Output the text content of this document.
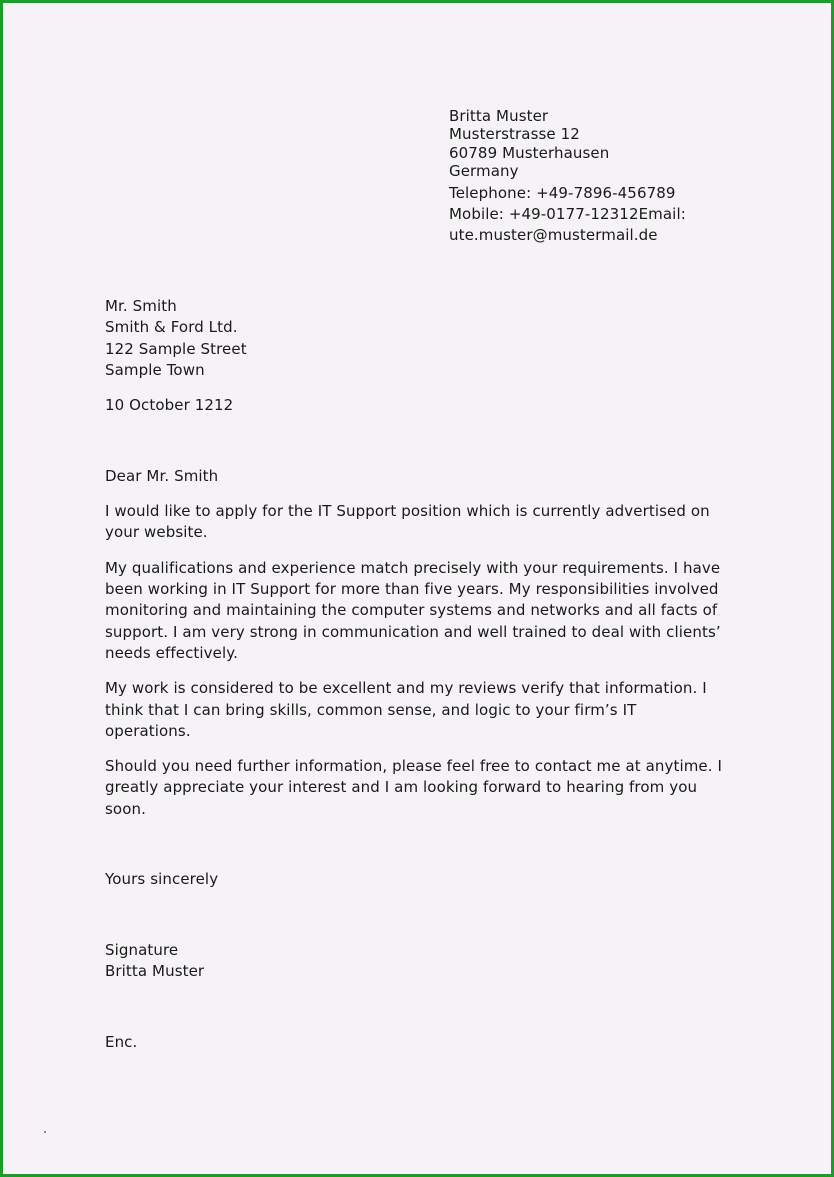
Britta Muster
Musterstrasse 12
60789 Musterhausen
Germany
Telephone: +49-7896-456789
Mobile: +49-0177-12312Email:
ute.muster@mustermail.de
Mr. Smith
Smith & Ford Ltd.
122 Sample Street
Sample Town
10 October 1212
Dear Mr. Smith
I would like to apply for the IT Support position which is currently advertised on
your website.
My qualifications and experience match precisely with your requirements. I have
been working in IT Support for more than five years. My responsibilities involved
monitoring and maintaining the computer systems and networks and all facts of
support. I am very strong in communication and well trained to deal with clients’
needs effectively.
My work is considered to be excellent and my reviews verify that information. I
think that I can bring skills, common sense, and logic to your firm’s IT
operations.
Should you need further information, please feel free to contact me at anytime. I
greatly appreciate your interest and I am looking forward to hearing from you
soon.
Yours sincerely
Signature
Britta Muster
Enc.
